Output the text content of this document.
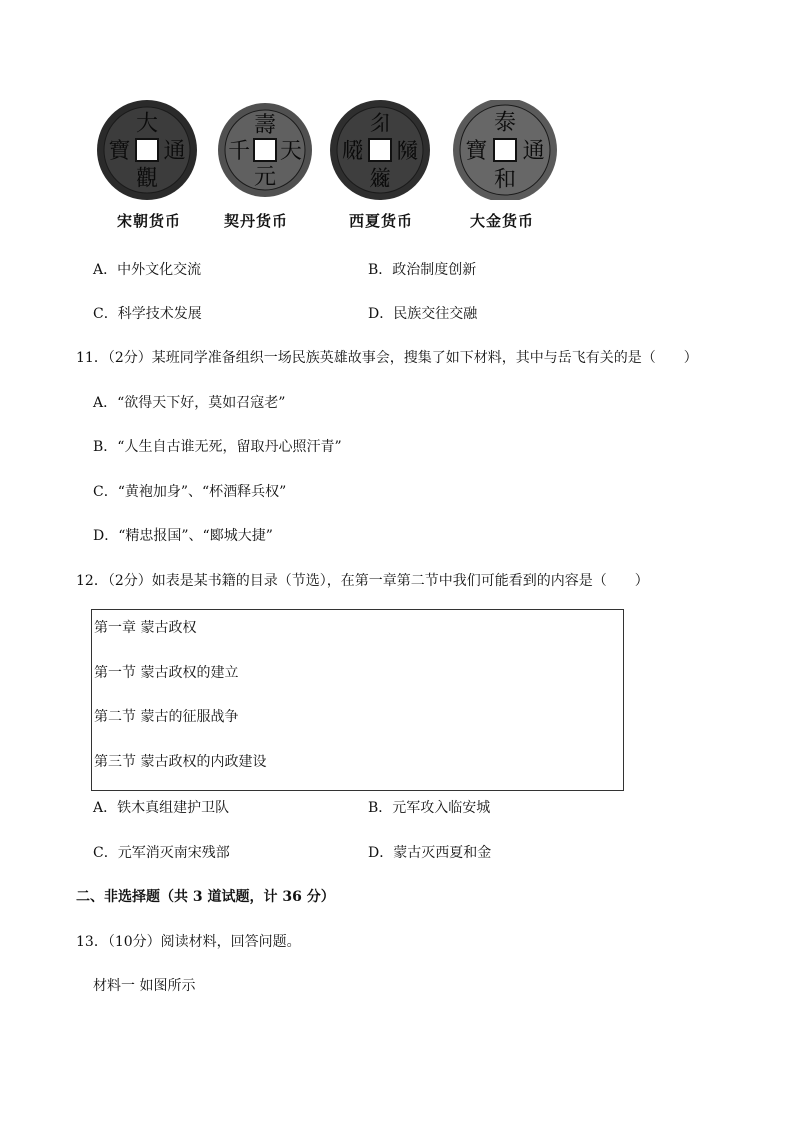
大
通
觀
寶
壽
天
元
千
𗼃
𗂧
𗫂
𗆧
泰
通
和
寶
宋朝货币	契丹货币	西夏货币	大金货币
A．中外文化交流	B．政治制度创新
C．科学技术发展	D．民族交往交融
11．（2分）某班同学准备组织一场民族英雄故事会，搜集了如下材料，其中与岳飞有关的是（　　）
A．“欲得天下好，莫如召寇老”
B．“人生自古谁无死，留取丹心照汗青”
C．“黄袍加身”、“杯酒释兵权”
D．“精忠报国”、“郾城大捷”
12．（2分）如表是某书籍的目录（节选），在第一章第二节中我们可能看到的内容是（　　）
第一章 蒙古政权
第一节 蒙古政权的建立
第二节 蒙古的征服战争
第三节 蒙古政权的内政建设
A．铁木真组建护卫队	B．元军攻入临安城
C．元军消灭南宋残部	D．蒙古灭西夏和金
二、非选择题（共 3 道试题，计 36 分）
13．（10分）阅读材料，回答问题。
材料一 如图所示
